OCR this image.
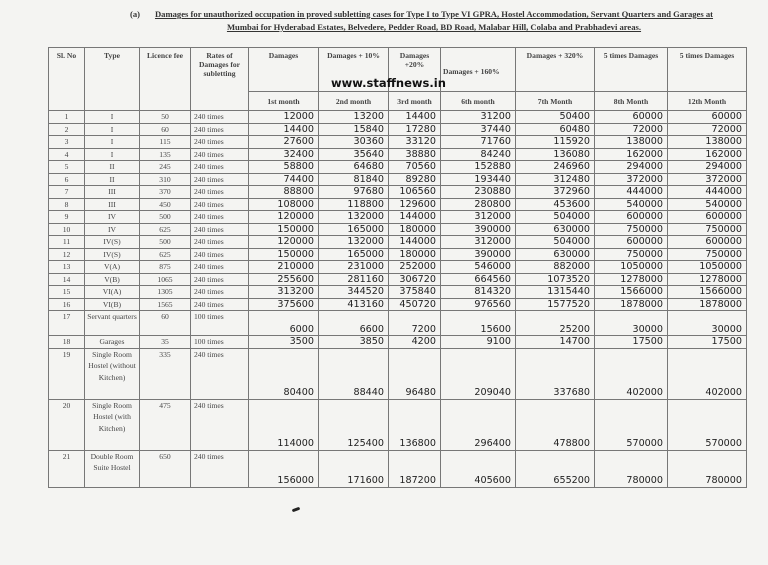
(a) Damages for unauthorized occupation in proved subletting cases for Type I to Type VI GPRA, Hostel Accommodation, Servant Quarters and Garages at
Mumbai for Hyderabad Estates, Belvedere, Pedder Road, BD Road, Malabar Hill, Colaba and Prabhadevi areas.
Sl. No	Type	Licence fee	Rates of Damages for subletting	Damages	Damages + 10%	Damages +20%	Damages + 160%	Damages + 320%	5 times Damages	5 times Damages
				1st month	2nd month	3rd month	6th month	7th Month	8th Month	12th Month
1	I	50	240 times	12000	13200	14400	31200	50400	60000	60000
2	I	60	240 times	14400	15840	17280	37440	60480	72000	72000
3	I	115	240 times	27600	30360	33120	71760	115920	138000	138000
4	I	135	240 times	32400	35640	38880	84240	136080	162000	162000
5	II	245	240 times	58800	64680	70560	152880	246960	294000	294000
6	II	310	240 times	74400	81840	89280	193440	312480	372000	372000
7	III	370	240 times	88800	97680	106560	230880	372960	444000	444000
8	III	450	240 times	108000	118800	129600	280800	453600	540000	540000
9	IV	500	240 times	120000	132000	144000	312000	504000	600000	600000
10	IV	625	240 times	150000	165000	180000	390000	630000	750000	750000
11	IV(S)	500	240 times	120000	132000	144000	312000	504000	600000	600000
12	IV(S)	625	240 times	150000	165000	180000	390000	630000	750000	750000
13	V(A)	875	240 times	210000	231000	252000	546000	882000	1050000	1050000
14	V(B)	1065	240 times	255600	281160	306720	664560	1073520	1278000	1278000
15	VI(A)	1305	240 times	313200	344520	375840	814320	1315440	1566000	1566000
16	VI(B)	1565	240 times	375600	413160	450720	976560	1577520	1878000	1878000
17	Servant quarters	60	100 times	6000	6600	7200	15600	25200	30000	30000
18	Garages	35	100 times	3500	3850	4200	9100	14700	17500	17500
19	Single Room Hostel (without Kitchen)	335	240 times	80400	88440	96480	209040	337680	402000	402000
20	Single Room Hostel (with Kitchen)	475	240 times	114000	125400	136800	296400	478800	570000	570000
21	Double Room Suite Hostel	650	240 times	156000	171600	187200	405600	655200	780000	780000
www.staffnews.in
